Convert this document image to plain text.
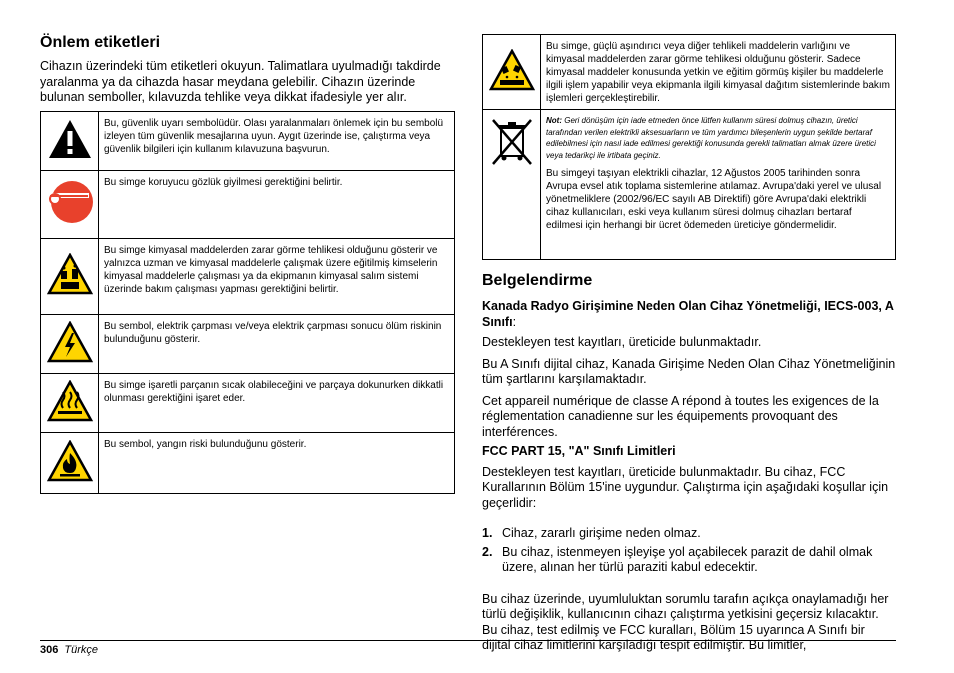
Önlem etiketleri

Cihazın üzerindeki tüm etiketleri okuyun. Talimatlara uyulmadığı takdirde yaralanma ya da cihazda hasar meydana gelebilir. Cihazın üzerinde bulunan semboller, kılavuzda tehlike veya dikkat ifadesiyle yer alır.

	Bu, güvenlik uyarı sembolüdür. Olası yaralanmaları önlemek için bu sembolü izleyen tüm güvenlik mesajlarına uyun. Aygıt üzerinde ise, çalıştırma veya güvenlik bilgileri için kullanım kılavuzuna başvurun.
	Bu simge koruyucu gözlük giyilmesi gerektiğini belirtir.
	Bu simge kimyasal maddelerden zarar görme tehlikesi olduğunu gösterir ve yalnızca uzman ve kimyasal maddelerle çalışmak üzere eğitilmiş kimselerin kimyasal maddelerle çalışması ya da ekipmanın kimyasal salım sistemi üzerinde bakım çalışması yapması gerektiğini belirtir.
	Bu sembol, elektrik çarpması ve/veya elektrik çarpması sonucu ölüm riskinin bulunduğunu gösterir.
	Bu simge işaretli parçanın sıcak olabileceğini ve parçaya dokunurken dikkatli olunması gerektiğini işaret eder.
	Bu sembol, yangın riski bulunduğunu gösterir.
	Bu simge, güçlü aşındırıcı veya diğer tehlikeli maddelerin varlığını ve kimyasal maddelerden zarar görme tehlikesi olduğunu gösterir. Sadece kimyasal maddeler konusunda yetkin ve eğitim görmüş kişiler bu maddelerle ilgili işlem yapabilir veya ekipmanla ilgili kimyasal dağıtım sistemlerinde bakım işlemleri gerçekleştirebilir.

Not: Geri dönüşüm için iade etmeden önce lütfen kullanım süresi dolmuş cihazın, üretici tarafından verilen elektrikli aksesuarların ve tüm yardımcı bileşenlerin uygun şekilde bertaraf edilebilmesi için nasıl iade edilmesi gerektiği konusunda gerekli talimatları almak üzere üretici veya tedarikçi ile irtibata geçiniz.
Bu simgeyi taşıyan elektrikli cihazlar, 12 Ağustos 2005 tarihinden sonra Avrupa evsel atık toplama sistemlerine atılamaz. Avrupa'daki yerel ve ulusal yönetmeliklere (2002/96/EC sayılı AB Direktifi) göre Avrupa'daki elektrikli cihaz kullanıcıları, eski veya kullanım süresi dolmuş cihazları bertaraf edilmesi için herhangi bir ücret ödemeden üreticiye göndermelidir.
Belgelendirme

Kanada Radyo Girişimine Neden Olan Cihaz Yönetmeliği, IECS-003, A Sınıfı:

Destekleyen test kayıtları, üreticide bulunmaktadır.

Bu A Sınıfı dijital cihaz, Kanada Girişime Neden Olan Cihaz Yönetmeliğinin tüm şartlarını karşılamaktadır.

Cet appareil numérique de classe A répond à toutes les exigences de la réglementation canadienne sur les équipements provoquant des interférences.

FCC PART 15, "A" Sınıfı Limitleri

Destekleyen test kayıtları, üreticide bulunmaktadır. Bu cihaz, FCC Kurallarının Bölüm 15'ine uygundur. Çalıştırma için aşağıdaki koşullar için geçerlidir:

1. Cihaz, zararlı girişime neden olmaz.
2. Bu cihaz, istenmeyen işleyişe yol açabilecek parazit de dahil olmak üzere, alınan her türlü paraziti kabul edecektir.

Bu cihaz üzerinde, uyumluluktan sorumlu tarafın açıkça onaylamadığı her türlü değişiklik, kullanıcının cihazı çalıştırma yetkisini geçersiz kılacaktır. Bu cihaz, test edilmiş ve FCC kuralları, Bölüm 15 uyarınca A Sınıfı bir dijital cihaz limitlerini karşıladığı tespit edilmiştir. Bu limitler,

306 Türkçe
